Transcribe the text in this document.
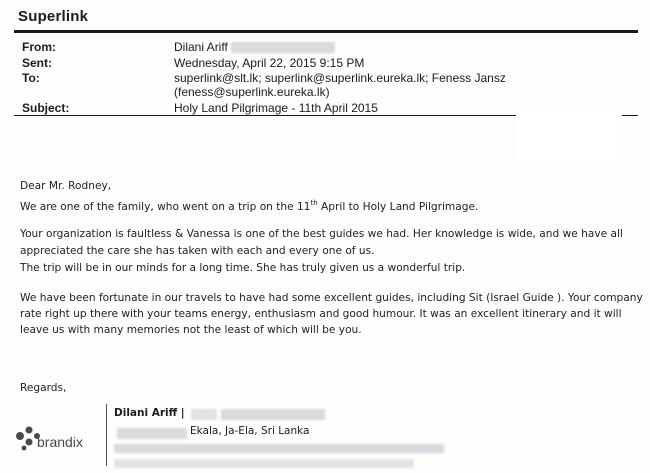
Superlink
From:	Dilani Ariff
Sent:	Wednesday, April 22, 2015 9:15 PM
To:	superlink@slt.lk; superlink@superlink.eureka.lk; Feness Jansz
(feness@superlink.eureka.lk)
Subject:	Holy Land Pilgrimage - 11th April 2015
Dear Mr. Rodney,
We are one of the family, who went on a trip on the 11th April to Holy Land Pilgrimage.
Your organization is faultless & Vanessa is one of the best guides we had. Her knowledge is wide, and we have all
appreciated the care she has taken with each and every one of us.
The trip will be in our minds for a long time. She has truly given us a wonderful trip.
We have been fortunate in our travels to have had some excellent guides, including Sit (Israel Guide ). Your company
rate right up there with your teams energy, enthusiasm and good humour. It was an excellent itinerary and it will
leave us with many memories not the least of which will be you.
Regards,
brandix
Dilani Ariff |
Ekala, Ja-Ela, Sri Lanka
